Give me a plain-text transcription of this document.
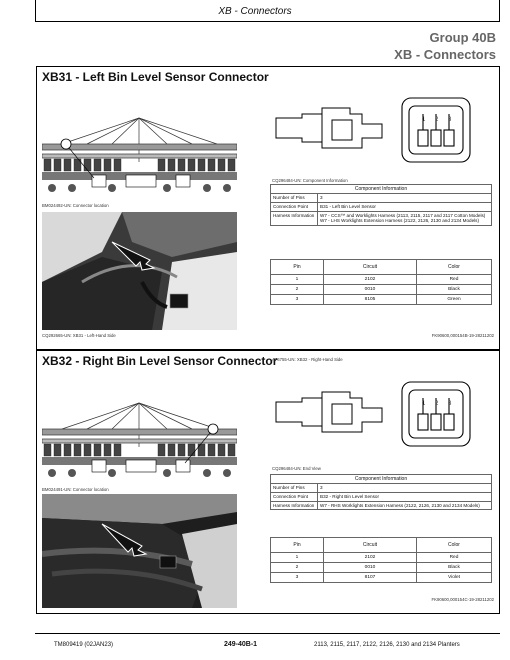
XB - Connectors
Group 40B
XB - Connectors
XB31 - Left Bin Level Sensor Connector
BM024492-UN: Connector location
CQ292665-UN: XB31 - Left-Hand Side
1 2 3
CQ296484-UN: Component Information
Component Information	
Number of Pins	3
Connection Point	B31 - Left Bin Level Sensor
Harness Information	W7 - CCS™ and Worklights Harness (2113, 2115, 2117 and 2117 Cotton Models)
W7 - LHS Worklights Extension Harness (2122, 2126, 2130 and 2134 Models)
Pin	Circuit	Color
1	2102	Red
2	0010	Black
3	8105	Green
FK90600,000154B-19-28211202
XB32 - Right Bin Level Sensor Connector
A76755-UN: XB32 - Right-Hand Side
BM024491-UN: Connector location
1 2 3
CQ296484-UN: End View
Component Information	
Number of Pins	3
Connection Point	B32 - Right Bin Level Sensor
Harness Information	W7 - RHS Worklights Extension Harness (2122, 2126, 2130 and 2134 Models)
Pin	Circuit	Color
1	2102	Red
2	0010	Black
3	8107	Violet
FK90600,000154C-19-28211202
TM809419 (02JAN23)	249-40B-1	2113, 2115, 2117, 2122, 2126, 2130 and 2134 Planters
